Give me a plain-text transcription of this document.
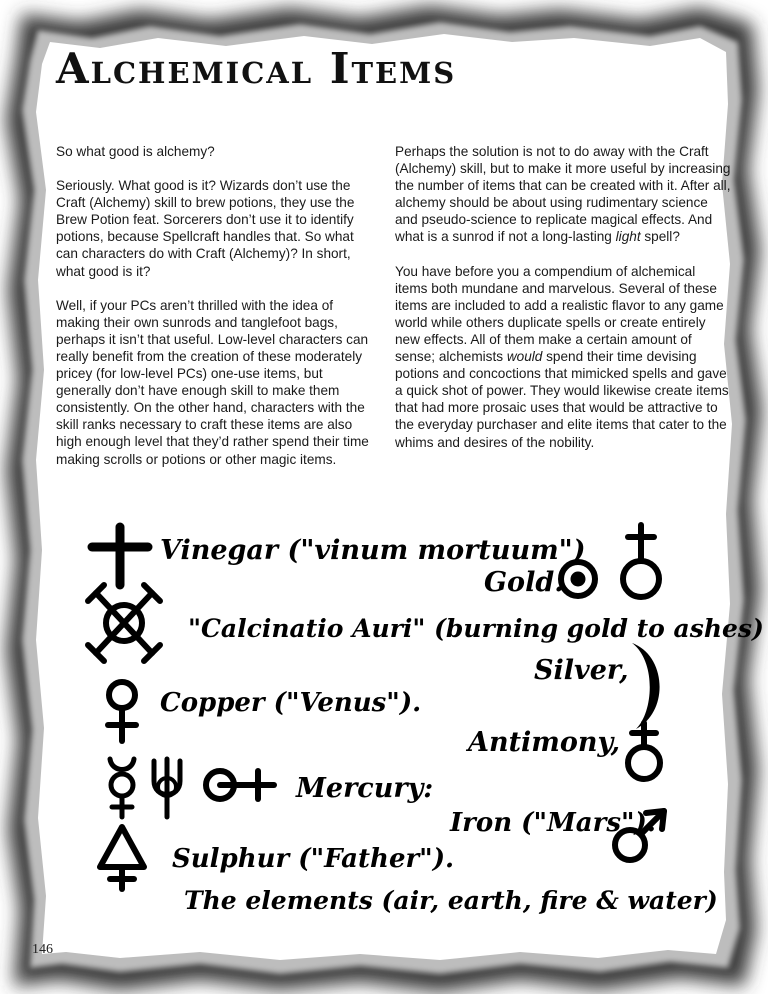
Alchemical Items

So what good is alchemy?

Seriously. What good is it? Wizards don’t use the Craft (Alchemy) skill to brew potions, they use the Brew Potion feat. Sorcerers don’t use it to identify potions, because Spellcraft handles that. So what can characters do with Craft (Alchemy)? In short, what good is it?

Well, if your PCs aren’t thrilled with the idea of making their own sunrods and tanglefoot bags, perhaps it isn’t that useful. Low-level characters can really benefit from the creation of these moderately pricey (for low-level PCs) one-use items, but generally don’t have enough skill to make them consistently. On the other hand, characters with the skill ranks necessary to craft these items are also high enough level that they’d rather spend their time making scrolls or potions or other magic items.

Perhaps the solution is not to do away with the Craft (Alchemy) skill, but to make it more useful by increasing the number of items that can be created with it. After all, alchemy should be about using rudimentary science and pseudo-science to replicate magical effects. And what is a sunrod if not a long-lasting light spell?

You have before you a compendium of alchemical items both mundane and marvelous. Several of these items are included to add a realistic flavor to any game world while others duplicate spells or create entirely new effects. All of them make a certain amount of sense; alchemists would spend their time devising potions and concoctions that mimicked spells and gave a quick shot of power. They would likewise create items that had more prosaic uses that would be attractive to the everyday purchaser and elite items that cater to the whims and desires of the nobility.

Vinegar ("vinum mortuum")
Gold.
"Calcinatio Auri" (burning gold to ashes)
Silver,
Copper ("Venus").
Antimony,
Mercury:
Iron ("Mars").
Sulphur ("Father").
The elements (air, earth, fire & water)
146
